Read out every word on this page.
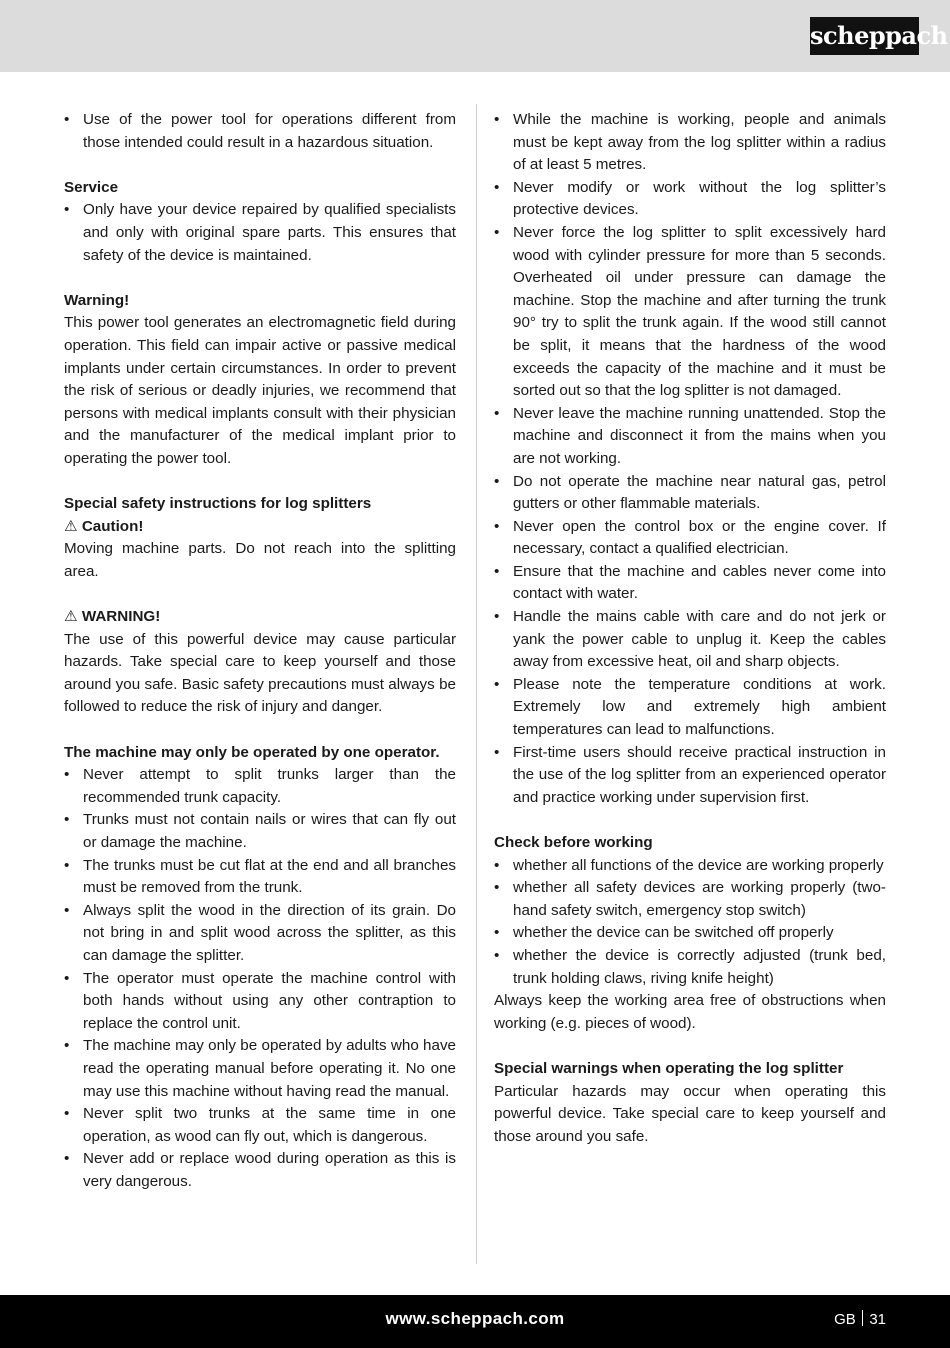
scheppach
• Use of the power tool for operations different from those intended could result in a hazardous situation.
Service
• Only have your device repaired by qualified specialists and only with original spare parts. This ensures that safety of the device is maintained.
Warning!

This power tool generates an electromagnetic field during operation. This field can impair active or passive medical implants under certain circumstances. In order to prevent the risk of serious or deadly injuries, we recommend that persons with medical implants consult with their physician and the manufacturer of the medical implant prior to operating the power tool.

Special safety instructions for log splitters
⚠ Caution!

Moving machine parts. Do not reach into the splitting area.

⚠ WARNING!

The use of this powerful device may cause particular hazards. Take special care to keep yourself and those around you safe. Basic safety precautions must always be followed to reduce the risk of injury and danger.

The machine may only be operated by one operator.
• Never attempt to split trunks larger than the recommended trunk capacity.
• Trunks must not contain nails or wires that can fly out or damage the machine.
• The trunks must be cut flat at the end and all branches must be removed from the trunk.
• Always split the wood in the direction of its grain. Do not bring in and split wood across the splitter, as this can damage the splitter.
• The operator must operate the machine control with both hands without using any other contraption to replace the control unit.
• The machine may only be operated by adults who have read the operating manual before operating it. No one may use this machine without having read the manual.
• Never split two trunks at the same time in one operation, as wood can fly out, which is dangerous.
• Never add or replace wood during operation as this is very dangerous.
• While the machine is working, people and animals must be kept away from the log splitter within a radius of at least 5 metres.
• Never modify or work without the log splitter’s protective devices.
• Never force the log splitter to split excessively hard wood with cylinder pressure for more than 5 seconds. Overheated oil under pressure can damage the machine. Stop the machine and after turning the trunk 90° try to split the trunk again. If the wood still cannot be split, it means that the hardness of the wood exceeds the capacity of the machine and it must be sorted out so that the log splitter is not damaged.
• Never leave the machine running unattended. Stop the machine and disconnect it from the mains when you are not working.
• Do not operate the machine near natural gas, petrol gutters or other flammable materials.
• Never open the control box or the engine cover. If necessary, contact a qualified electrician.
• Ensure that the machine and cables never come into contact with water.
• Handle the mains cable with care and do not jerk or yank the power cable to unplug it. Keep the cables away from excessive heat, oil and sharp objects.
• Please note the temperature conditions at work. Extremely low and extremely high ambient temperatures can lead to malfunctions.
• First-time users should receive practical instruction in the use of the log splitter from an experienced operator and practice working under supervision first.
Check before working
• whether all functions of the device are working properly
• whether all safety devices are working properly (two-hand safety switch, emergency stop switch)
• whether the device can be switched off properly
• whether the device is correctly adjusted (trunk bed, trunk holding claws, riving knife height)

Always keep the working area free of obstructions when working (e.g. pieces of wood).

Special warnings when operating the log splitter

Particular hazards may occur when operating this powerful device. Take special care to keep yourself and those around you safe.

www.scheppach.com	GB 31
